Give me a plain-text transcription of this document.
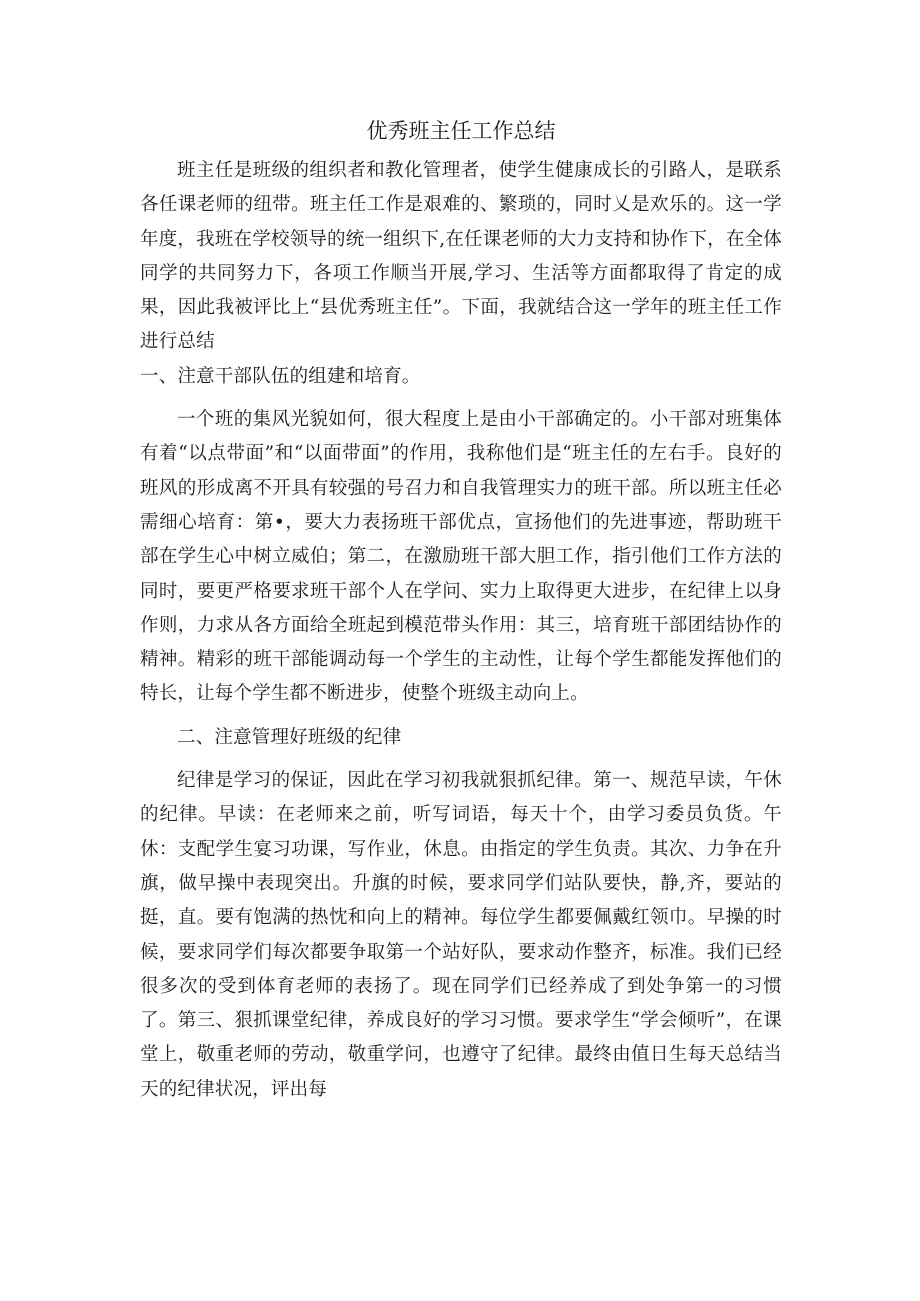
优秀班主任工作总结

班主任是班级的组织者和教化管理者，使学生健康成长的引路人，是联系各任课老师的纽带。班主任工作是艰难的、繁琐的，同时乂是欢乐的。这一学年度，我班在学校领导的统一组织下,在任课老师的大力支持和协作下，在全体同学的共同努力下，各项工作顺当开展,学习、生活等方面都取得了肯定的成果，因此我被评比上“县优秀班主任”。下面，我就结合这一学年的班主任工作进行总结

一、注意干部队伍的组建和培育。

一个班的集风光貌如何，很大程度上是由小干部确定的。小干部对班集体有着“以点带面”和“以面带面”的作用，我称他们是“班主任的左右手。良好的班风的形成离不开具有较强的号召力和自我管理实力的班干部。所以班主任必需细心培育：第•，要大力表扬班干部优点，宣扬他们的先进事迹，帮助班干部在学生心中树立威伯；第二，在激励班干部大胆工作，指引他们工作方法的同时，要更严格要求班干部个人在学问、实力上取得更大进步，在纪律上以身作则，力求从各方面给全班起到模范带头作用：其三，培育班干部团结协作的精神。精彩的班干部能调动每一个学生的主动性，让每个学生都能发挥他们的特长，让每个学生都不断进步，使整个班级主动向上。

二、注意管理好班级的纪律

纪律是学习的保证，因此在学习初我就狠抓纪律。第一、规范早读，午休的纪律。早读：在老师来之前，听写词语，每天十个，由学习委员负货。午休：支配学生宴习功课，写作业，休息。由指定的学生负责。其次、力争在升旗，做早操中表现突出。升旗的时候，要求同学们站队要快，静,齐，要站的挺，直。要有饱满的热忱和向上的精神。每位学生都要佩戴红领巾。早操的时候，要求同学们每次都要争取第一个站好队，要求动作整齐，标准。我们已经很多次的受到体育老师的表扬了。现在同学们已经养成了到处争第一的习惯了。第三、狠抓课堂纪律，养成良好的学习习惯。要求学生“学会倾听”，在课堂上，敬重老师的劳动，敬重学问，也遵守了纪律。最终由值日生每天总结当天的纪律状况，评出每
